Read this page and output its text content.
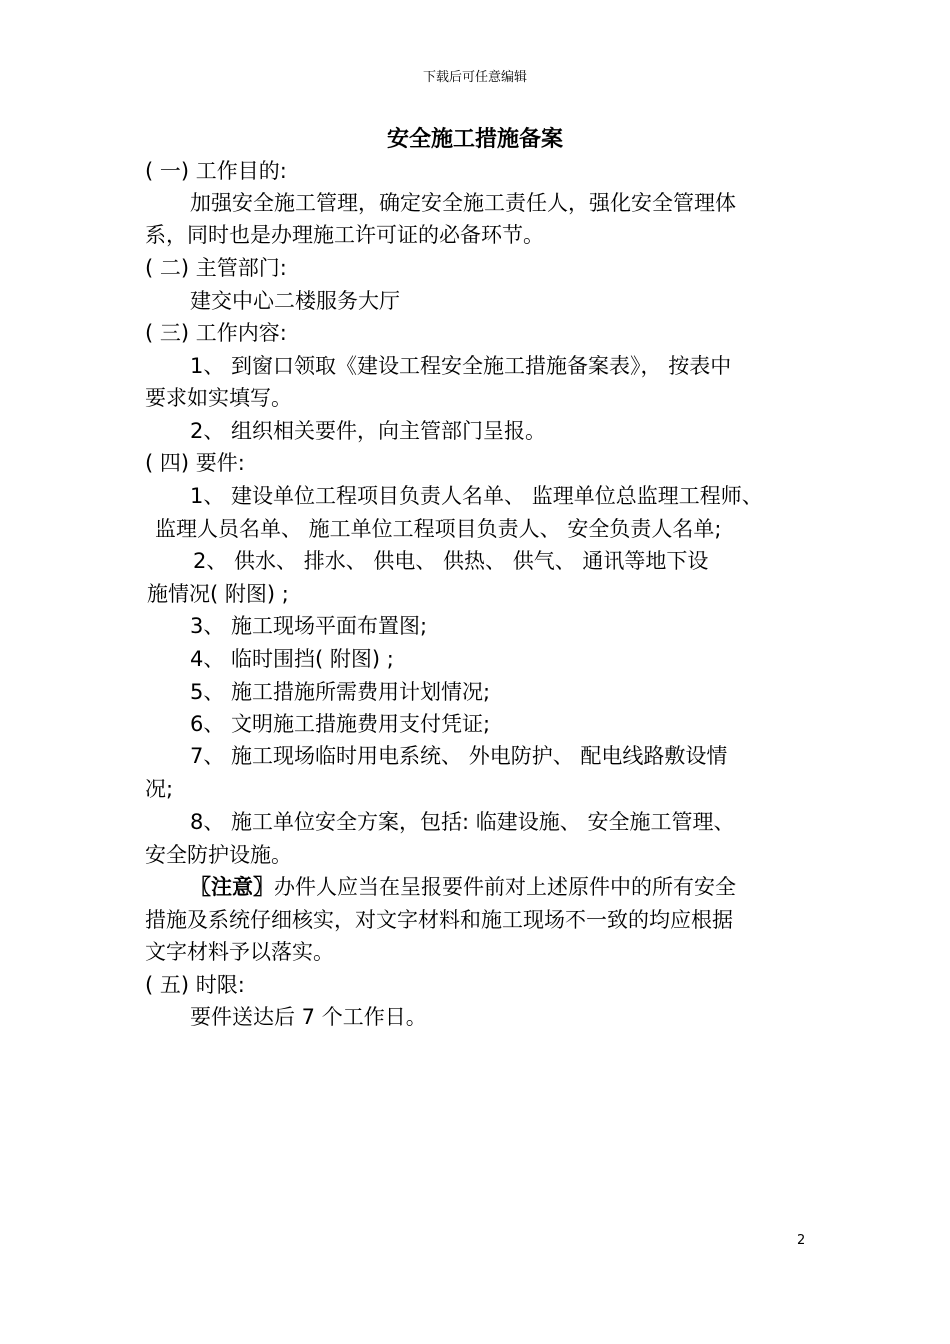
下载后可任意编辑
安全施工措施备案
( 一) 工作目的:
加强安全施工管理，确定安全施工责任人，强化安全管理体
系，同时也是办理施工许可证的必备环节。
( 二) 主管部门:
建交中心二楼服务大厅
( 三) 工作内容:
1、 到窗口领取《建设工程安全施工措施备案表》， 按表中
要求如实填写。
2、 组织相关要件，向主管部门呈报。
( 四) 要件:
1、 建设单位工程项目负责人名单、 监理单位总监理工程师、
监理人员名单、 施工单位工程项目负责人、 安全负责人名单;
2、 供水、 排水、 供电、 供热、 供气、 通讯等地下设
施情况( 附图) ;
3、 施工现场平面布置图;
4、 临时围挡( 附图) ;
5、 施工措施所需费用计划情况;
6、 文明施工措施费用支付凭证;
7、 施工现场临时用电系统、 外电防护、 配电线路敷设情
况;
8、 施工单位安全方案，包括: 临建设施、 安全施工管理、
安全防护设施。
〖注意〗办件人应当在呈报要件前对上述原件中的所有安全
措施及系统仔细核实，对文字材料和施工现场不一致的均应根据
文字材料予以落实。
( 五) 时限:
要件送达后 7 个工作日。
2
